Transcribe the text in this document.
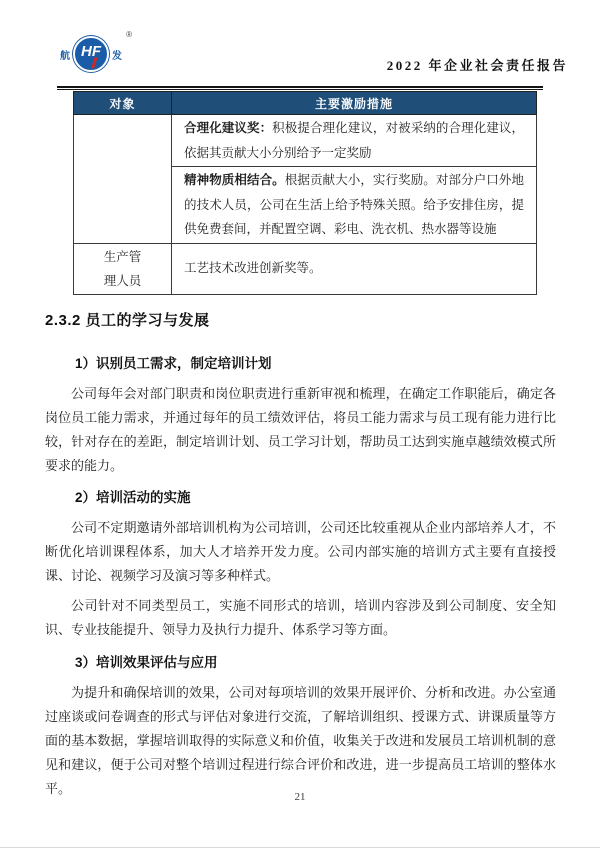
航 HF 发
®
2022 年企业社会责任报告
对象	主要激励措施
	合理化建议奖：积极提合理化建议，对被采纳的合理化建议，依据其贡献大小分别给予一定奖励
	精神物质相结合。根据贡献大小，实行奖励。对部分户口外地的技术人员，公司在生活上给予特殊关照。给予安排住房，提供免费套间，并配置空调、彩电、洗衣机、热水器等设施

生产管
理人员	工艺技术改进创新奖等。
2.3.2 员工的学习与发展
1）识别员工需求，制定培训计划

公司每年会对部门职责和岗位职责进行重新审视和梳理，在确定工作职能后，确定各岗位员工能力需求，并通过每年的员工绩效评估，将员工能力需求与员工现有能力进行比较，针对存在的差距，制定培训计划、员工学习计划，帮助员工达到实施卓越绩效模式所要求的能力。

2）培训活动的实施

公司不定期邀请外部培训机构为公司培训，公司还比较重视从企业内部培养人才，不断优化培训课程体系，加大人才培养开发力度。公司内部实施的培训方式主要有直接授课、讨论、视频学习及演习等多种样式。

公司针对不同类型员工，实施不同形式的培训，培训内容涉及到公司制度、安全知识、专业技能提升、领导力及执行力提升、体系学习等方面。

3）培训效果评估与应用

为提升和确保培训的效果，公司对每项培训的效果开展评价、分析和改进。办公室通过座谈或问卷调查的形式与评估对象进行交流，了解培训组织、授课方式、讲课质量等方面的基本数据，掌握培训取得的实际意义和价值，收集关于改进和发展员工培训机制的意见和建议，便于公司对整个培训过程进行综合评价和改进，进一步提高员工培训的整体水平。

21
